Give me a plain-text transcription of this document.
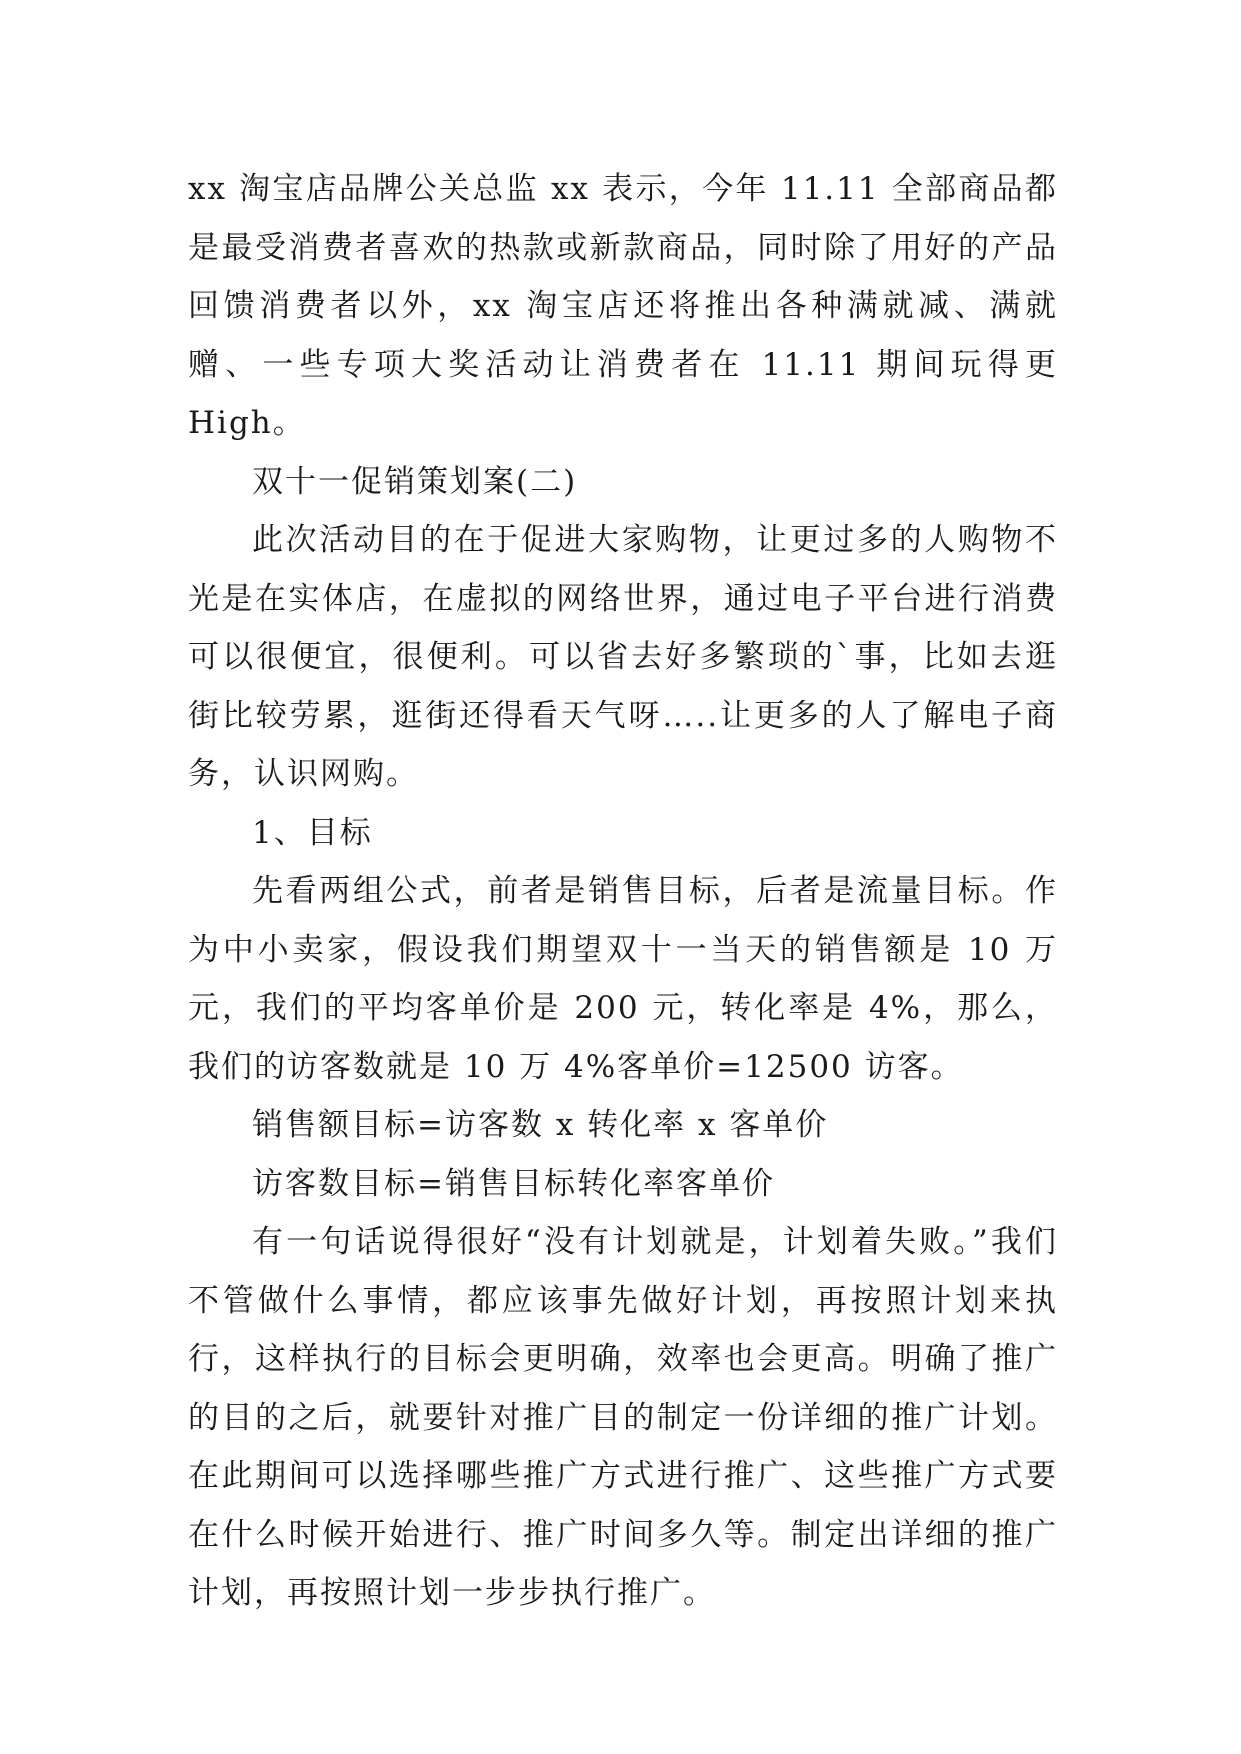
xx 淘宝店品牌公关总监 xx 表示，今年 11.11 全部商品都是最受消费者喜欢的热款或新款商品，同时除了用好的产品回馈消费者以外，xx 淘宝店还将推出各种满就减、满就赠、一些专项大奖活动让消费者在 11.11 期间玩得更 High。

双十一促销策划案(二)

此次活动目的在于促进大家购物，让更过多的人购物不光是在实体店，在虚拟的网络世界，通过电子平台进行消费可以很便宜，很便利。可以省去好多繁琐的`事，比如去逛街比较劳累，逛街还得看天气呀…..让更多的人了解电子商务，认识网购。

1、目标

先看两组公式，前者是销售目标，后者是流量目标。作为中小卖家，假设我们期望双十一当天的销售额是 10 万元，我们的平均客单价是 200 元，转化率是 4%，那么，我们的访客数就是 10 万 4%客单价=12500 访客。

销售额目标=访客数 x 转化率 x 客单价

访客数目标=销售目标转化率客单价

有一句话说得很好“没有计划就是，计划着失败。”我们不管做什么事情，都应该事先做好计划，再按照计划来执行，这样执行的目标会更明确，效率也会更高。明确了推广的目的之后，就要针对推广目的制定一份详细的推广计划。在此期间可以选择哪些推广方式进行推广、这些推广方式要在什么时候开始进行、推广时间多久等。制定出详细的推广计划，再按照计划一步步执行推广。
